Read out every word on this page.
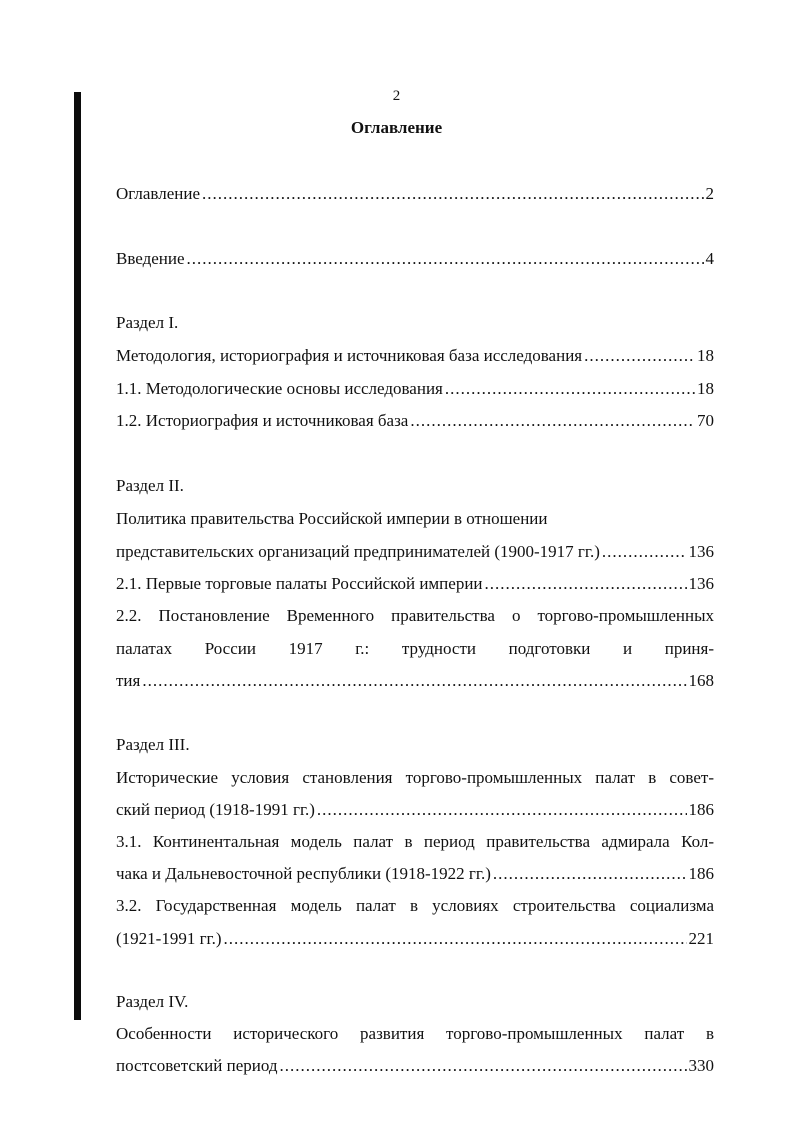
2
Оглавление
Оглавление .....	2
Введение .....	4
Раздел I.
Методология, историография и источниковая база исследования .....	18
1.1. Методологические основы исследования .....	18
1.2. Историография и источниковая база .....	70
Раздел II.
Политика правительства Российской империи в отношении
представительских организаций предпринимателей (1900-1917 гг.) .....	136
2.1. Первые торговые палаты Российской империи .....	136
2.2. Постановление Временного правительства о торгово-промышленных
палатах России 1917 г.: трудности подготовки и приня-
тия .....	168
Раздел III.
Исторические условия становления торгово-промышленных палат в совет-
ский период (1918-1991 гг.) .....	186
3.1. Континентальная модель палат в период правительства адмирала Кол-
чака и Дальневосточной республики (1918-1922 гг.) .....	186
3.2. Государственная модель палат в условиях строительства социализма
(1921-1991 гг.) .....	221
Раздел IV.
Особенности исторического развития торгово-промышленных палат в
постсоветский период .....	330
